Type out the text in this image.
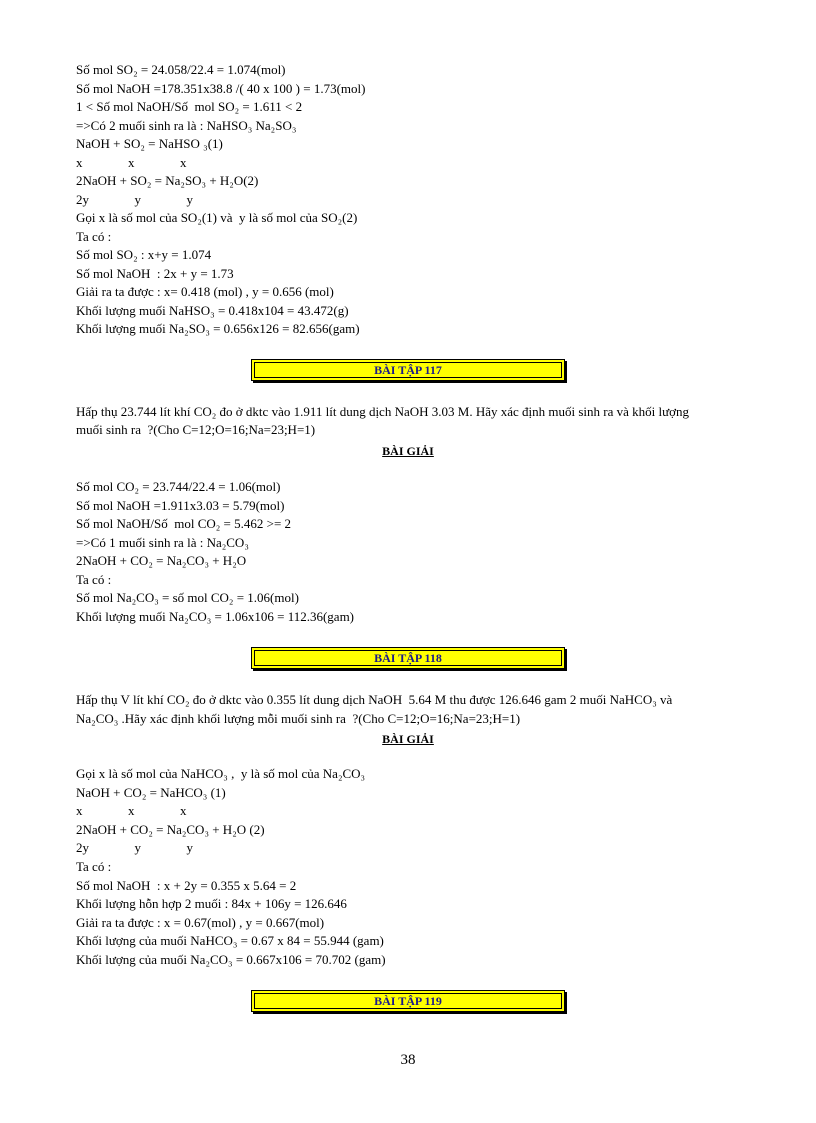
Số mol SO₂ = 24.058/22.4 = 1.074(mol)
Số mol NaOH =178.351x38.8 /( 40 x 100 ) = 1.73(mol)
1 < Số mol NaOH/Số  mol SO₂ = 1.611 < 2
=>Có 2 muối sinh ra là : NaHSO₃ Na₂SO₃
NaOH + SO₂ = NaHSO ₃(1)
x              x              x
2NaOH + SO₂ = Na₂SO₃ + H₂O(2)
2y              y              y
Gọi x là số mol của SO₂(1) và  y là số mol của SO₂(2)
Ta có :
Số mol SO₂ : x+y = 1.074
Số mol NaOH  : 2x + y = 1.73
Giải ra ta được : x= 0.418 (mol) , y = 0.656 (mol)
Khối lượng muối NaHSO₃ = 0.418x104 = 43.472(g)
Khối lượng muối Na₂SO₃ = 0.656x126 = 82.656(gam)
BÀI TẬP 117
Hấp thụ 23.744 lít khí CO₂ đo ở dktc vào 1.911 lít dung dịch NaOH 3.03 M. Hãy xác định muối sinh ra và khối lượng
muối sinh ra  ?(Cho C=12;O=16;Na=23;H=1)
BÀI GIẢI
Số mol CO₂ = 23.744/22.4 = 1.06(mol)
Số mol NaOH =1.911x3.03 = 5.79(mol)
Số mol NaOH/Số  mol CO₂ = 5.462 >= 2
=>Có 1 muối sinh ra là : Na₂CO₃
2NaOH + CO₂ = Na₂CO₃ + H₂O
Ta có :
Số mol Na₂CO₃ = số mol CO₂ = 1.06(mol)
Khối lượng muối Na₂CO₃ = 1.06x106 = 112.36(gam)
BÀI TẬP 118
Hấp thụ V lít khí CO₂ đo ở dktc vào 0.355 lít dung dịch NaOH  5.64 M thu được 126.646 gam 2 muối NaHCO₃ và
Na₂CO₃ .Hãy xác định khối lượng mỗi muối sinh ra  ?(Cho C=12;O=16;Na=23;H=1)
BÀI GIẢI
Gọi x là số mol của NaHCO₃ ,  y là số mol của Na₂CO₃
NaOH + CO₂ = NaHCO₃ (1)
x              x              x
2NaOH + CO₂ = Na₂CO₃ + H₂O (2)
2y              y              y
Ta có :
Số mol NaOH  : x + 2y = 0.355 x 5.64 = 2
Khối lượng hỗn hợp 2 muối : 84x + 106y = 126.646
Giải ra ta được : x = 0.67(mol) , y = 0.667(mol)
Khối lượng của muối NaHCO₃ = 0.67 x 84 = 55.944 (gam)
Khối lượng của muối Na₂CO₃ = 0.667x106 = 70.702 (gam)
BÀI TẬP 119
38
